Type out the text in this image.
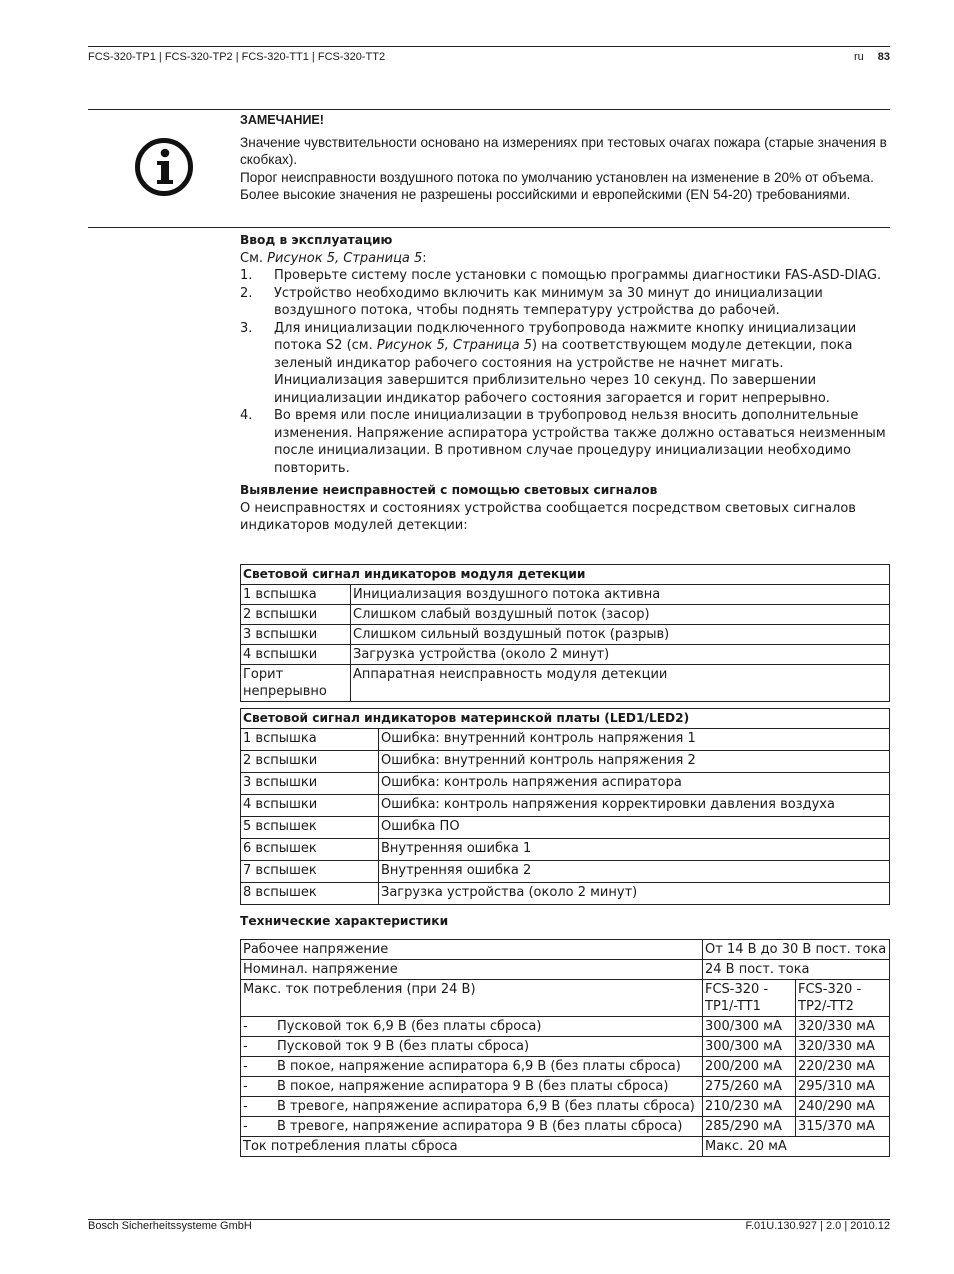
FCS-320-TP1 | FCS-320-TP2 | FCS-320-TT1 | FCS-320-TT2	ru 83
ЗАМЕЧАНИЕ!

Значение чувствительности основано на измерениях при тестовых очагах пожара (старые значения в скобках).

Порог неисправности воздушного потока по умолчанию установлен на изменение в 20% от объема. Более высокие значения не разрешены российскими и европейскими (EN 54-20) требованиями.

Ввод в эксплуатацию

См. Рисунок 5, Страница 5:

1. Проверьте систему после установки с помощью программы диагностики FAS-ASD-DIAG.
2. Устройство необходимо включить как минимум за 30 минут до инициализации воздушного потока, чтобы поднять температуру устройства до рабочей.
3. Для инициализации подключенного трубопровода нажмите кнопку инициализации потока S2 (см. Рисунок 5, Страница 5) на соответствующем модуле детекции, пока зеленый индикатор рабочего состояния на устройстве не начнет мигать. Инициализация завершится приблизительно через 10 секунд. По завершении инициализации индикатор рабочего состояния загорается и горит непрерывно.
4. Во время или после инициализации в трубопровод нельзя вносить дополнительные изменения. Напряжение аспиратора устройства также должно оставаться неизменным после инициализации. В противном случае процедуру инициализации необходимо повторить.

Выявление неисправностей с помощью световых сигналов

О неисправностях и состояниях устройства сообщается посредством световых сигналов индикаторов модулей детекции:

Световой сигнал индикаторов модуля детекции	
1 вспышка	Инициализация воздушного потока активна
2 вспышки	Слишком слабый воздушный поток (засор)
3 вспышки	Слишком сильный воздушный поток (разрыв)
4 вспышки	Загрузка устройства (около 2 минут)
Горит непрерывно	Аппаратная неисправность модуля детекции
Световой сигнал индикаторов материнской платы (LED1/LED2)	
1 вспышка	Ошибка: внутренний контроль напряжения 1
2 вспышки	Ошибка: внутренний контроль напряжения 2
3 вспышки	Ошибка: контроль напряжения аспиратора
4 вспышки	Ошибка: контроль напряжения корректировки давления воздуха
5 вспышек	Ошибка ПО
6 вспышек	Внутренняя ошибка 1
7 вспышек	Внутренняя ошибка 2
8 вспышек	Загрузка устройства (около 2 минут)
Технические характеристики
Рабочее напряжение	От 14 В до 30 В пост. тока	
Номинал. напряжение	24 В пост. тока	
Макс. ток потребления (при 24 В)	FCS-320 -TP1/-TT1	FCS-320 -TP2/-TT2
- Пусковой ток 6,9 В (без платы сброса)	300/300 мА	320/330 мА
- Пусковой ток 9 В (без платы сброса)	300/300 мА	320/330 мА
- В покое, напряжение аспиратора 6,9 В (без платы сброса)	200/200 мА	220/230 мА
- В покое, напряжение аспиратора 9 В (без платы сброса)	275/260 мА	295/310 мА
- В тревоге, напряжение аспиратора 6,9 В (без платы сброса)	210/230 мА	240/290 мА
- В тревоге, напряжение аспиратора 9 В (без платы сброса)	285/290 мА	315/370 мА
Ток потребления платы сброса	Макс. 20 мА	
Bosch Sicherheitssysteme GmbH	F.01U.130.927 | 2.0 | 2010.12
